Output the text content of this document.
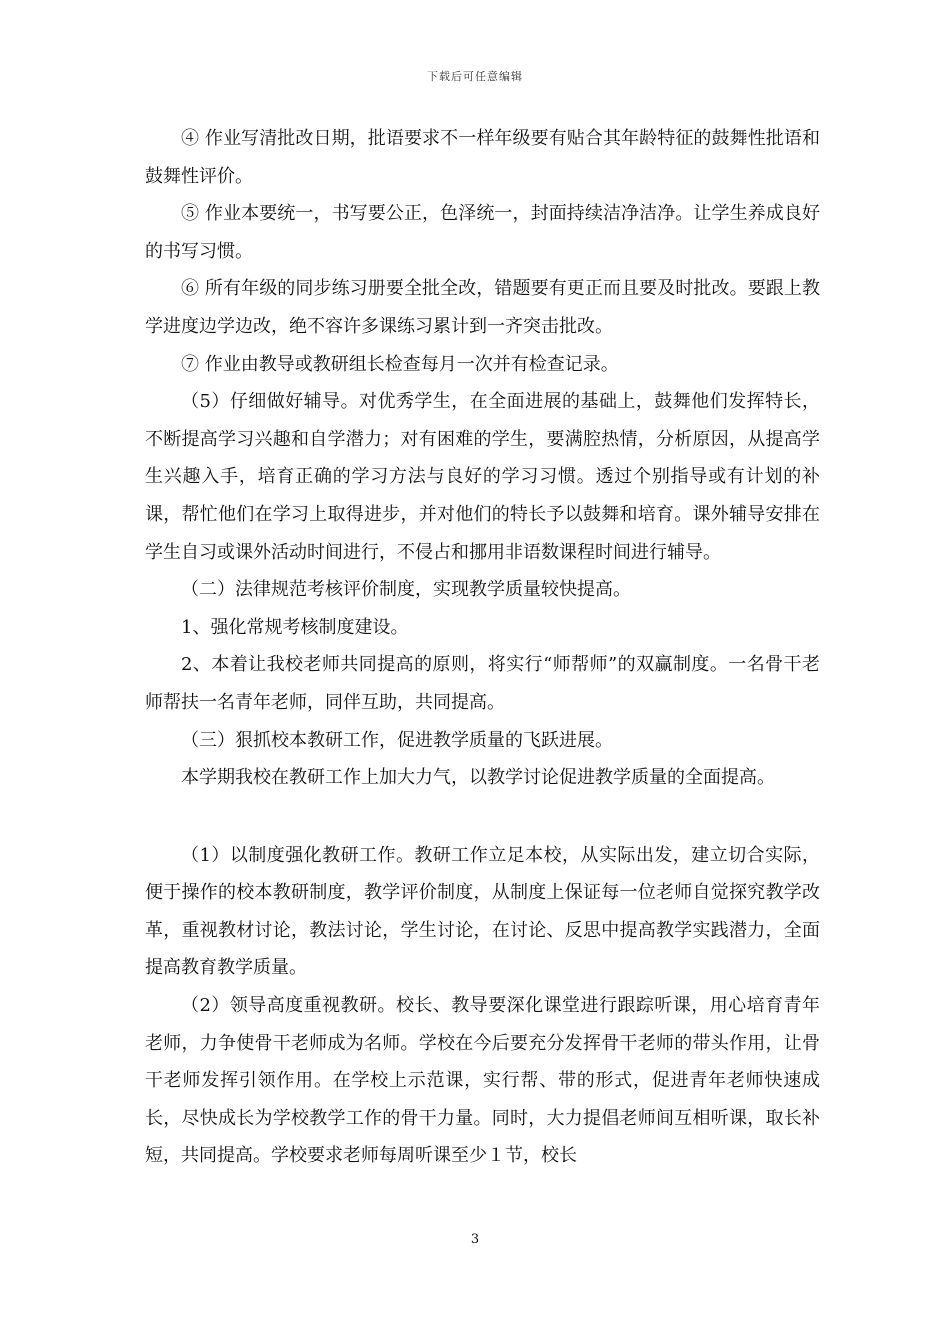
下载后可任意编辑

④ 作业写清批改日期，批语要求不一样年级要有贴合其年龄特征的鼓舞性批语和鼓舞性评价。

⑤ 作业本要统一，书写要公正，色泽统一，封面持续洁净洁净。让学生养成良好的书写习惯。

⑥ 所有年级的同步练习册要全批全改，错题要有更正而且要及时批改。要跟上教学进度边学边改，绝不容许多课练习累计到一齐突击批改。

⑦ 作业由教导或教研组长检查每月一次并有检查记录。

（5）仔细做好辅导。对优秀学生，在全面进展的基础上，鼓舞他们发挥特长，不断提高学习兴趣和自学潜力；对有困难的学生，要满腔热情，分析原因，从提高学生兴趣入手，培育正确的学习方法与良好的学习习惯。透过个别指导或有计划的补课，帮忙他们在学习上取得进步，并对他们的特长予以鼓舞和培育。课外辅导安排在学生自习或课外活动时间进行，不侵占和挪用非语数课程时间进行辅导。

（二）法律规范考核评价制度，实现教学质量较快提高。

1、强化常规考核制度建设。

2、本着让我校老师共同提高的原则，将实行“师帮师”的双赢制度。一名骨干老师帮扶一名青年老师，同伴互助，共同提高。

（三）狠抓校本教研工作，促进教学质量的飞跃进展。

本学期我校在教研工作上加大力气，以教学讨论促进教学质量的全面提高。

（1）以制度强化教研工作。教研工作立足本校，从实际出发，建立切合实际，便于操作的校本教研制度，教学评价制度，从制度上保证每一位老师自觉探究教学改革，重视教材讨论，教法讨论，学生讨论，在讨论、反思中提高教学实践潜力，全面提高教育教学质量。

（2）领导高度重视教研。校长、教导要深化课堂进行跟踪听课，用心培育青年老师，力争使骨干老师成为名师。学校在今后要充分发挥骨干老师的带头作用，让骨干老师发挥引领作用。在学校上示范课，实行帮、带的形式，促进青年老师快速成长，尽快成长为学校教学工作的骨干力量。同时，大力提倡老师间互相听课，取长补短，共同提高。学校要求老师每周听课至少１节，校长

3
